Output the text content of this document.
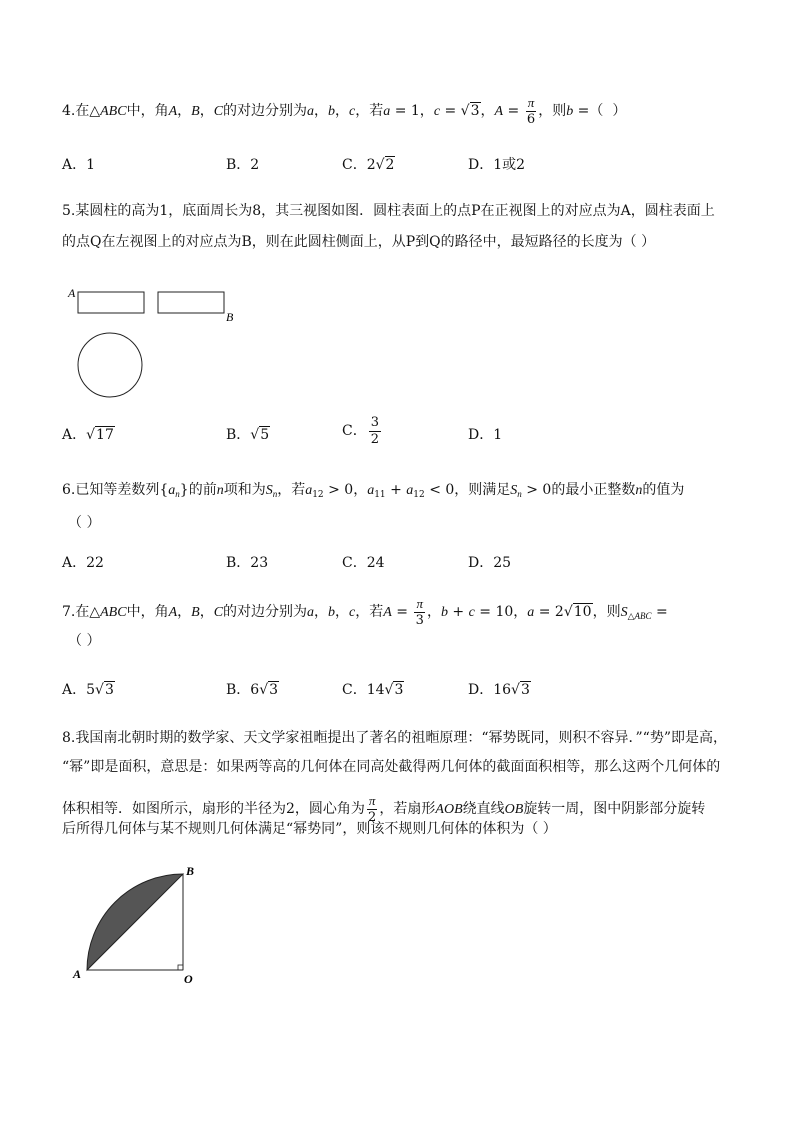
4.在△ABC中，角A，B，C的对边分别为a，b，c，若a = 1，c = √3，$A = \frac{\pi}{6}$ ，则b =（  ）
A．1	B．2	C．2√2	D．1或2
5.某圆柱的高为1，底面周长为8，其三视图如图．圆柱表面上的点P在正视图上的对应点为A，圆柱表面上
的点Q在左视图上的对应点为B，则在此圆柱侧面上，从P到Q的路径中，最短路径的长度为（ ）
A
B
A．√17	B．√5	C． $\frac{3}{2}$	D．1
6.已知等差数列$\{a_n\}$的前n项和为$S_n$，若$a_{12} > 0$，$a_{11} + a_{12} < 0$，则满足$S_n > 0$的最小正整数n的值为
（ ）
A．22	B．23	C．24	D．25
7.在△ABC中，角A，B，C的对边分别为a，b，c，若$A = \frac{\pi}{3}$ ，b + c = 10，a = 2√10，则$S_{\triangle ABC}$ =
（ ）
A．5√3	B．6√3	C．14√3	D．16√3
8.我国南北朝时期的数学家、天文学家祖暅提出了著名的祖暅原理：“幂势既同，则积不容异．”“势”即是高，
“幂”即是面积，意思是：如果两等高的几何体在同高处截得两几何体的截面面积相等，那么这两个几何体的
体积相等．如图所示，扇形的半径为2，圆心角为 $\frac{\pi}{2}$ ，若扇形AOB绕直线OB旋转一周，图中阴影部分旋转
后所得几何体与某不规则几何体满足“幂势同”，则该不规则几何体的体积为（ ）
B
A	O
